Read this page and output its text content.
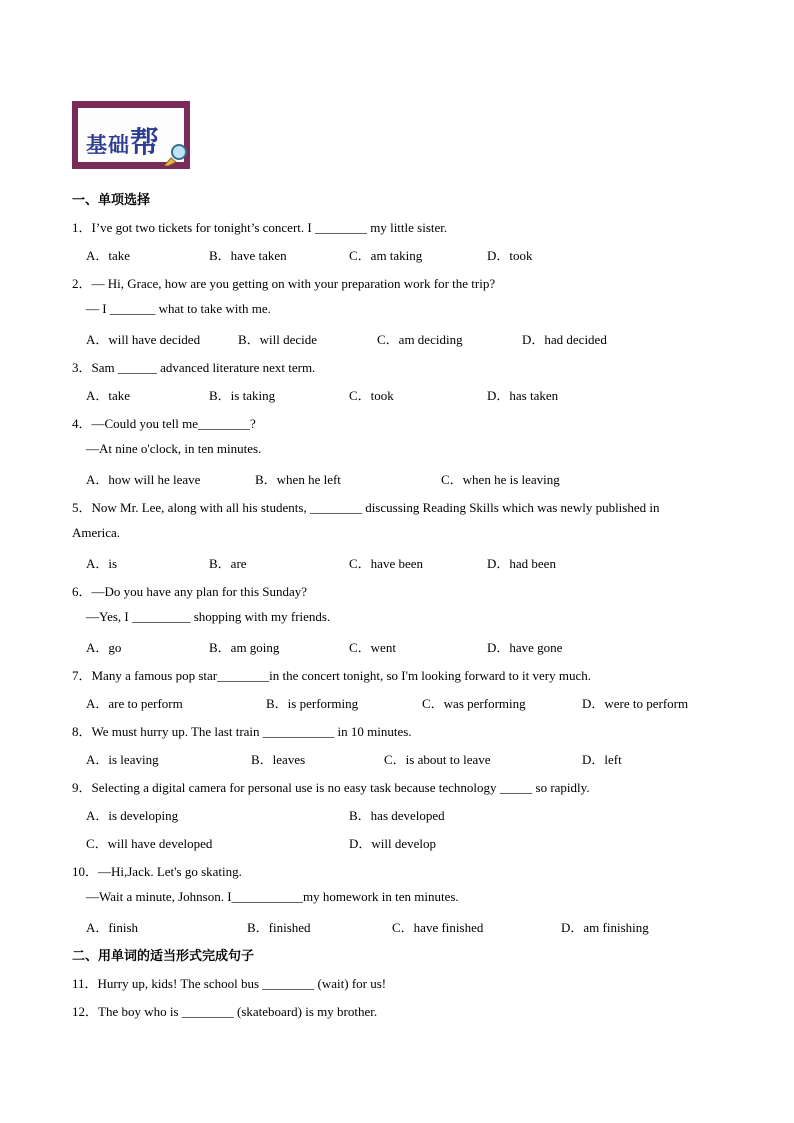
基础帮
一、单项选择
1．I’ve got two tickets for tonight’s concert. I ________ my little sister.
A．take	B．have taken	C．am taking	D．took
2．— Hi, Grace, how are you getting on with your preparation work for the trip?
— I _______ what to take with me.
A．will have decided	B．will decide	C．am deciding	D．had decided
3．Sam ______ advanced literature next term.
A．take	B．is taking	C．took	D．has taken
4．—Could you tell me________?
—At nine o'clock, in ten minutes.
A．how will he leave	B．when he left	C．when he is leaving
5．Now Mr. Lee, along with all his students, ________ discussing Reading Skills which was newly published in
America.
A．is	B．are	C．have been	D．had been
6．—Do you have any plan for this Sunday?
—Yes, I _________ shopping with my friends.
A．go	B．am going	C．went	D．have gone
7．Many a famous pop star________in the concert tonight, so I'm looking forward to it very much.
A．are to perform	B．is performing	C．was performing	D．were to perform
8．We must hurry up. The last train ___________ in 10 minutes.
A．is leaving	B．leaves	C．is about to leave	D．left
9．Selecting a digital camera for personal use is no easy task because technology _____ so rapidly.
A．is developing	B．has developed
C．will have developed	D．will develop
10．—Hi,Jack. Let's go skating.
—Wait a minute, Johnson. I___________my homework in ten minutes.
A．finish	B．finished	C．have finished	D．am finishing
二、用单词的适当形式完成句子
11．Hurry up, kids! The school bus ________ (wait) for us!
12．The boy who is ________ (skateboard) is my brother.
